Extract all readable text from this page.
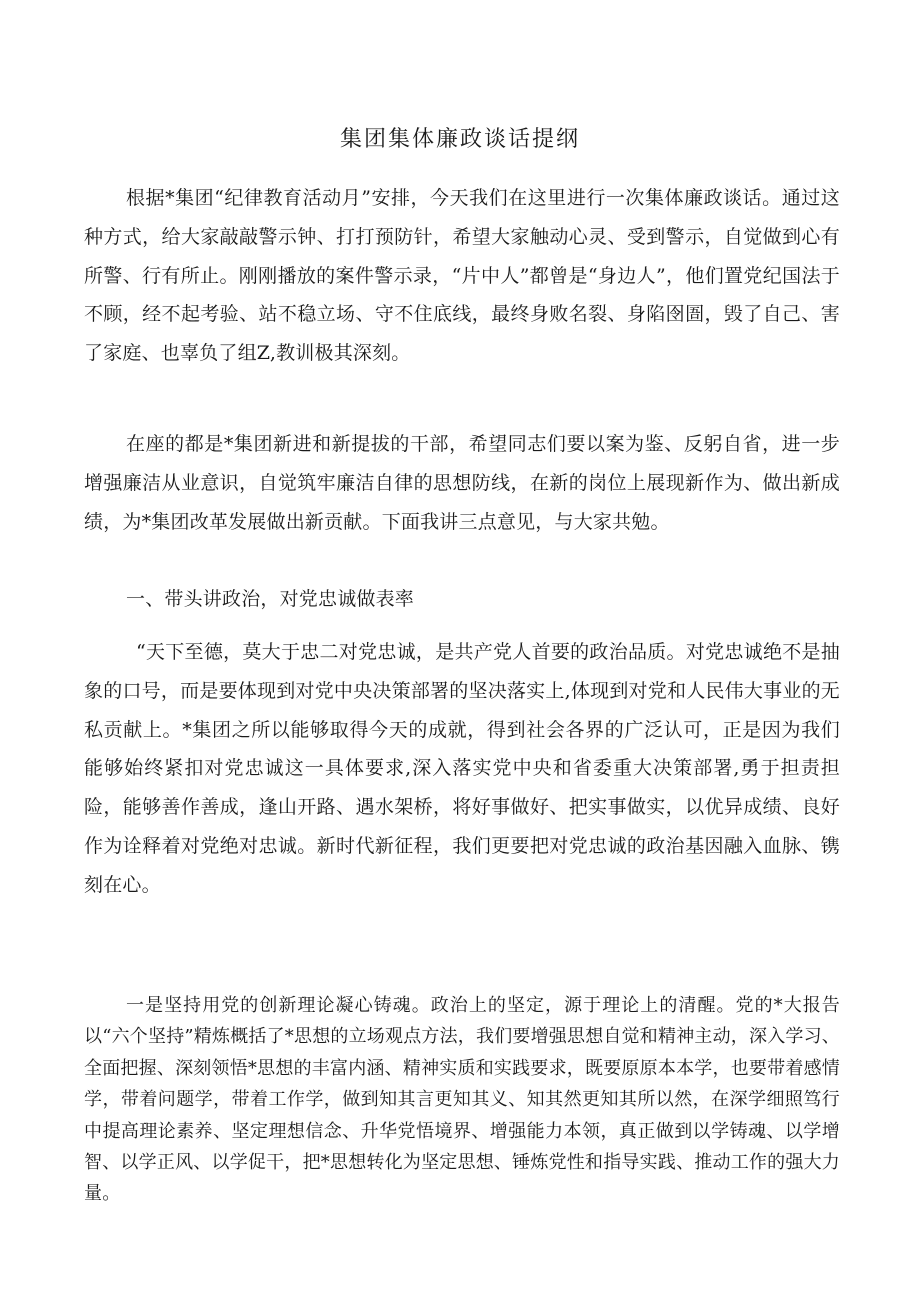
集团集体廉政谈话提纲

根据*集团“纪律教育活动月”安排，今天我们在这里进行一次集体廉政谈话。通过这种方式，给大家敲敲警示钟、打打预防针，希望大家触动心灵、受到警示，自觉做到心有所警、行有所止。刚刚播放的案件警示录，“片中人”都曾是“身边人”，他们置党纪国法于不顾，经不起考验、站不稳立场、守不住底线，最终身败名裂、身陷囹圄，毁了自己、害了家庭、也辜负了组Z,教训极其深刻。

在座的都是*集团新进和新提拔的干部，希望同志们要以案为鉴、反躬自省，进一步增强廉洁从业意识，自觉筑牢廉洁自律的思想防线，在新的岗位上展现新作为、做出新成绩，为*集团改革发展做出新贡献。下面我讲三点意见，与大家共勉。

一、带头讲政治，对党忠诚做表率

“天下至德，莫大于忠二对党忠诚，是共产党人首要的政治品质。对党忠诚绝不是抽象的口号，而是要体现到对党中央决策部署的坚决落实上,体现到对党和人民伟大事业的无私贡献上。*集团之所以能够取得今天的成就，得到社会各界的广泛认可，正是因为我们能够始终紧扣对党忠诚这一具体要求,深入落实党中央和省委重大决策部署,勇于担责担险，能够善作善成，逢山开路、遇水架桥，将好事做好、把实事做实，以优异成绩、良好作为诠释着对党绝对忠诚。新时代新征程，我们更要把对党忠诚的政治基因融入血脉、镌刻在心。

一是坚持用党的创新理论凝心铸魂。政治上的坚定，源于理论上的清醒。党的*大报告以“六个坚持”精炼概括了*思想的立场观点方法，我们要增强思想自觉和精神主动，深入学习、全面把握、深刻领悟*思想的丰富内涵、精神实质和实践要求，既要原原本本学，也要带着感情学，带着问题学，带着工作学，做到知其言更知其义、知其然更知其所以然，在深学细照笃行中提高理论素养、坚定理想信念、升华党悟境界、增强能力本领，真正做到以学铸魂、以学增智、以学正风、以学促干，把*思想转化为坚定思想、锤炼党性和指导实践、推动工作的强大力量。
